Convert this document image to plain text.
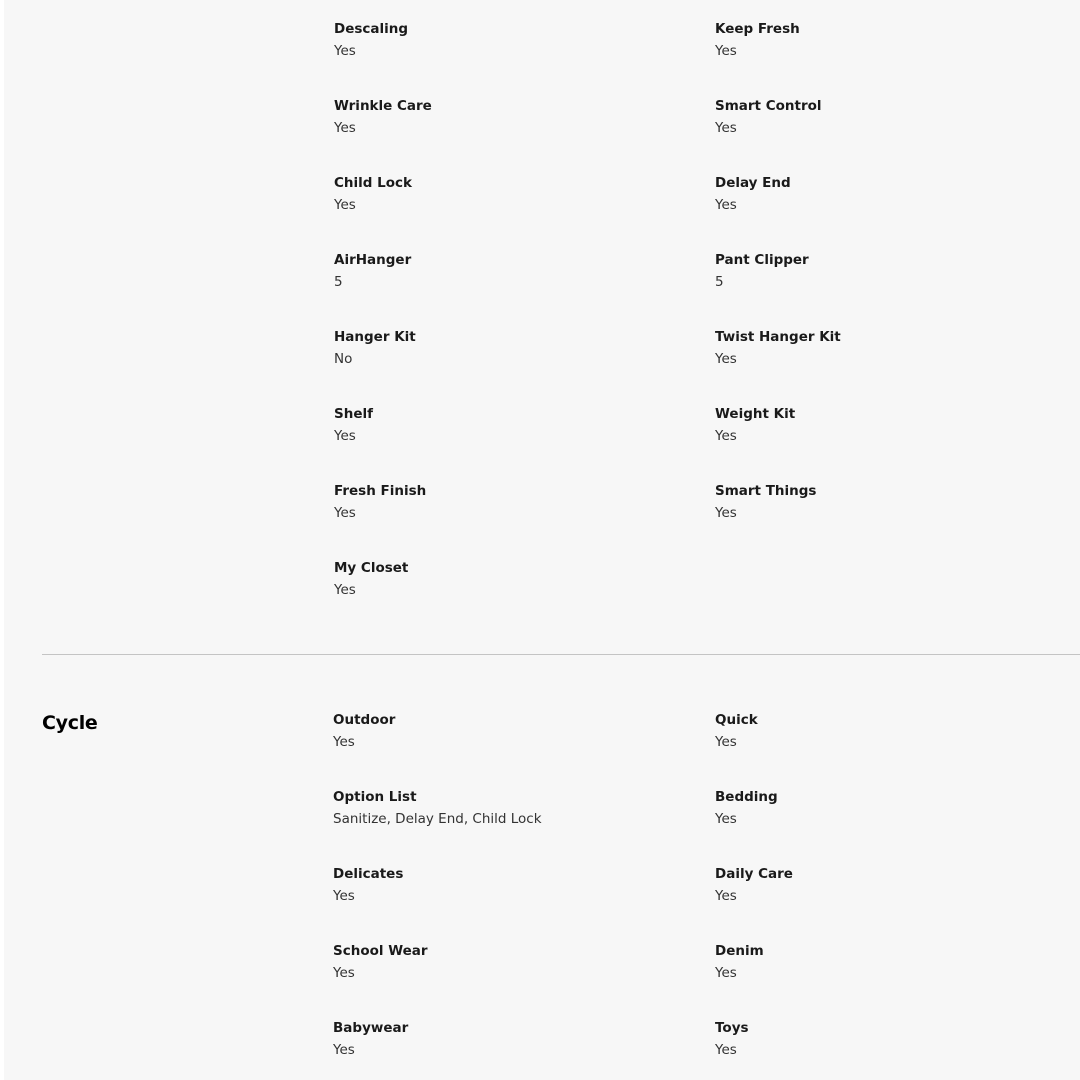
Descaling
Yes
Keep Fresh
Yes
Wrinkle Care
Yes
Smart Control
Yes
Child Lock
Yes
Delay End
Yes
AirHanger
5
Pant Clipper
5
Hanger Kit
No
Twist Hanger Kit
Yes
Shelf
Yes
Weight Kit
Yes
Fresh Finish
Yes
Smart Things
Yes
My Closet
Yes
Cycle	Outdoor
Yes
Quick
Yes
Option List
Sanitize, Delay End, Child Lock
Bedding
Yes
Delicates
Yes
Daily Care
Yes
School Wear
Yes
Denim
Yes
Babywear
Yes
Toys
Yes
